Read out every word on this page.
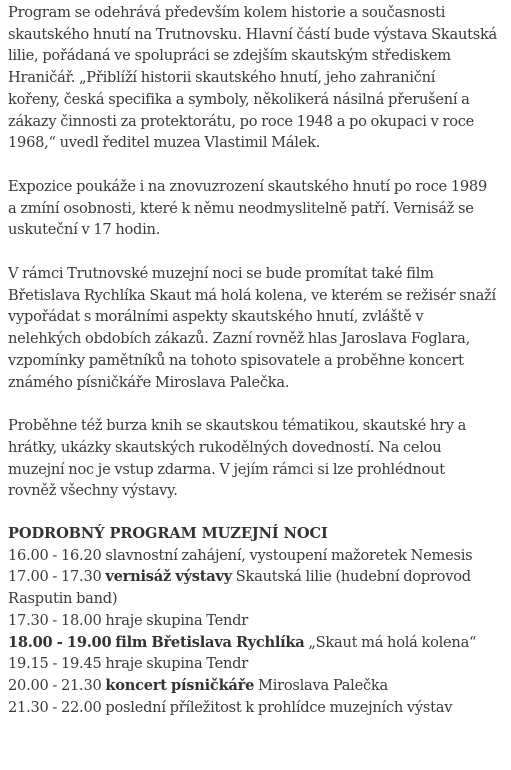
Program se odehrává především kolem historie a současnosti
skautského hnutí na Trutnovsku. Hlavní částí bude výstava Skautská
lilie, pořádaná ve spolupráci se zdejším skautským střediskem
Hraničář. „Přiblíží historii skautského hnutí, jeho zahraniční
kořeny, česká specifika a symboly, několikerá násilná přerušení a
zákazy činnosti za protektorátu, po roce 1948 a po okupaci v roce
1968,“ uvedl ředitel muzea Vlastimil Málek.

Expozice poukáže i na znovuzrození skautského hnutí po roce 1989
a zmíní osobnosti, které k němu neodmyslitelně patří. Vernisáž se
uskuteční v 17 hodin.

V rámci Trutnovské muzejní noci se bude promítat také film
Břetislava Rychlíka Skaut má holá kolena, ve kterém se režisér snaží
vypořádat s morálními aspekty skautského hnutí, zvláště v
nelehkých obdobích zákazů. Zazní rovněž hlas Jaroslava Foglara,
vzpomínky pamětníků na tohoto spisovatele a proběhne koncert
známého písničkáře Miroslava Palečka.

Proběhne též burza knih se skautskou tématikou, skautské hry a
hrátky, ukázky skautských rukodělných dovedností. Na celou
muzejní noc je vstup zdarma. V jejím rámci si lze prohlédnout
rovněž všechny výstavy.

PODROBNÝ PROGRAM MUZEJNÍ NOCI
16.00 - 16.20 slavnostní zahájení, vystoupení mažoretek Nemesis
17.00 - 17.30 vernisáž výstavy Skautská lilie (hudební doprovod Rasputin band)
17.30 - 18.00 hraje skupina Tendr
18.00 - 19.00 film Břetislava Rychlíka „Skaut má holá kolena“
19.15 - 19.45 hraje skupina Tendr
20.00 - 21.30 koncert písničkáře Miroslava Palečka
21.30 - 22.00 poslední příležitost k prohlídce muzejních výstav
